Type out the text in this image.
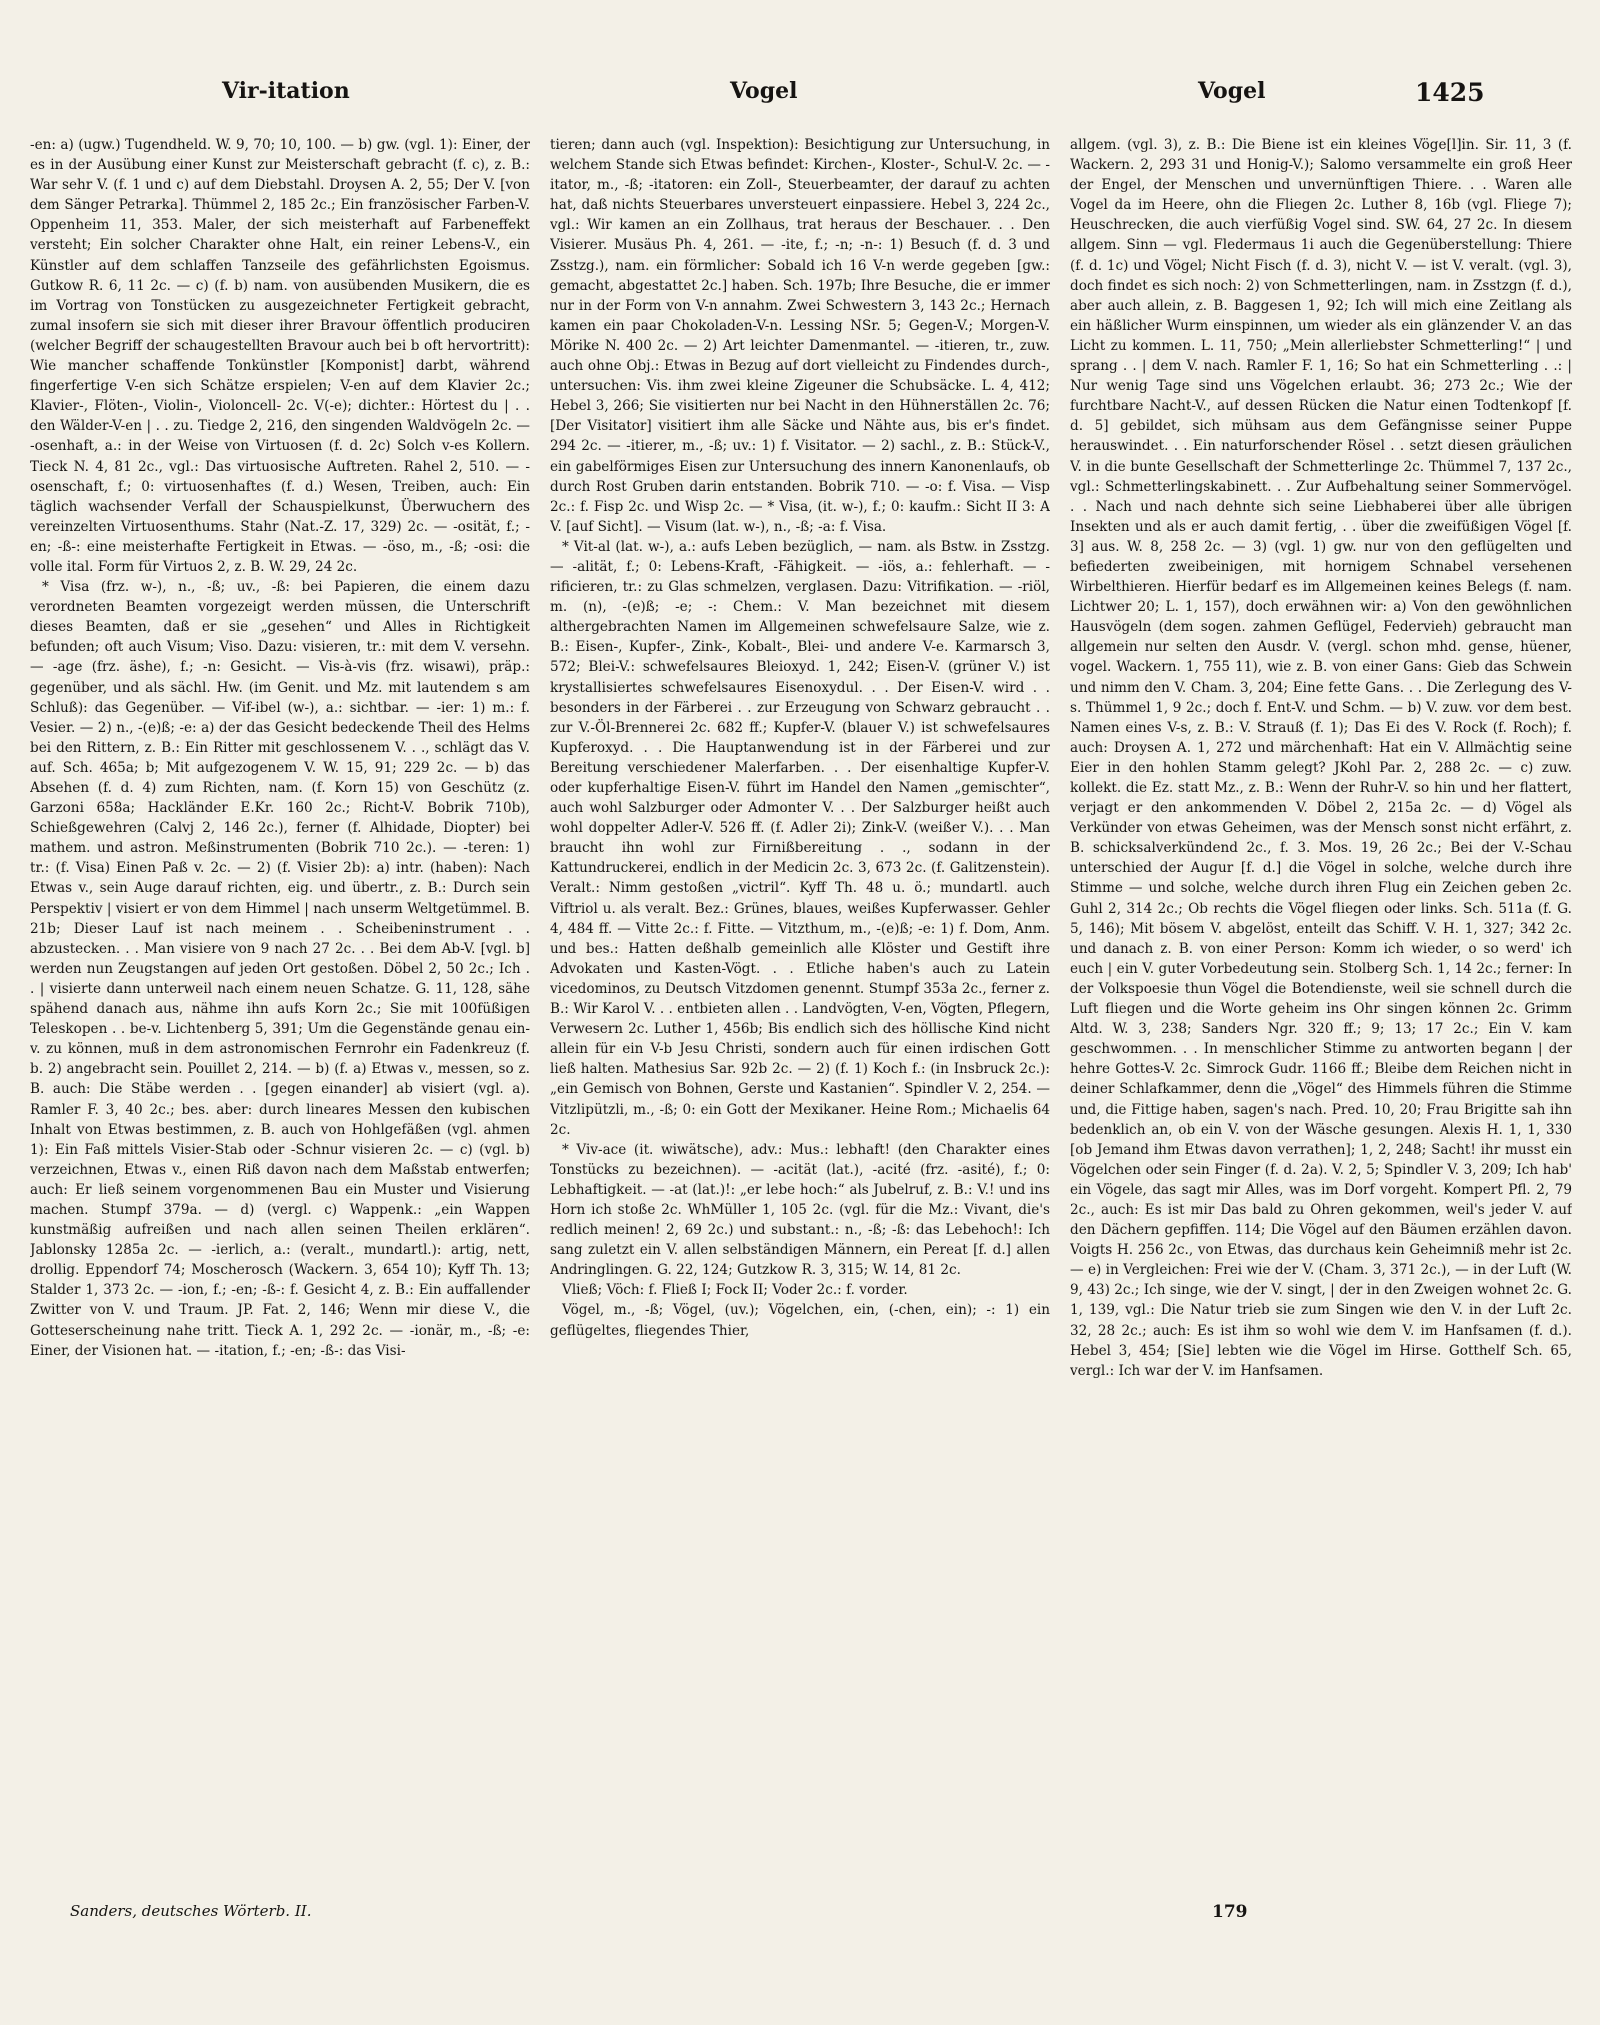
Vir-itation	Vogel	Vogel	1425

-en: a) (ugw.) Tugendheld. W. 9, 70; 10, 100. — b) gw. (vgl. 1): Einer, der es in der Ausübung einer Kunst zur Meisterschaft gebracht (f. c), z. B.: War sehr V. (f. 1 und c) auf dem Diebstahl. Droysen A. 2, 55; Der V. [von dem Sänger Petrarka]. Thümmel 2, 185 2c.; Ein französischer Farben-V. Oppenheim 11, 353. Maler, der sich meisterhaft auf Farbeneffekt versteht; Ein solcher Charakter ohne Halt, ein reiner Lebens-V., ein Künstler auf dem schlaffen Tanzseile des gefährlichsten Egoismus. Gutkow R. 6, 11 2c. — c) (f. b) nam. von ausübenden Musikern, die es im Vortrag von Tonstücken zu ausgezeichneter Fertigkeit gebracht, zumal insofern sie sich mit dieser ihrer Bravour öffentlich produciren (welcher Begriff der schaugestellten Bravour auch bei b oft hervortritt): Wie mancher schaffende Tonkünstler [Komponist] darbt, während fingerfertige V-en sich Schätze erspielen; V-en auf dem Klavier 2c.; Klavier-, Flöten-, Violin-, Violoncell- 2c. V(-e); dichter.: Hörtest du | . . den Wälder-V-en | . . zu. Tiedge 2, 216, den singenden Waldvögeln 2c. — -osenhaft, a.: in der Weise von Virtuosen (f. d. 2c) Solch v-es Kollern. Tieck N. 4, 81 2c., vgl.: Das virtuosische Auftreten. Rahel 2, 510. — -osenschaft, f.; 0: virtuosenhaftes (f. d.) Wesen, Treiben, auch: Ein täglich wachsender Verfall der Schauspielkunst, Überwuchern des vereinzelten Virtuosenthums. Stahr (Nat.-Z. 17, 329) 2c. — -osität, f.; -en; -ß-: eine meisterhafte Fertigkeit in Etwas. — -öso, m., -ß; -osi: die volle ital. Form für Virtuos 2, z. B. W. 29, 24 2c.

* Visa (frz. w-), n., -ß; uv., -ß: bei Papieren, die einem dazu verordneten Beamten vorgezeigt werden müssen, die Unterschrift dieses Beamten, daß er sie „gesehen“ und Alles in Richtigkeit befunden; oft auch Visum; Viso. Dazu: visieren, tr.: mit dem V. versehn. — -age (frz. äshe), f.; -n: Gesicht. — Vis-à-vis (frz. wisawi), präp.: gegenüber, und als sächl. Hw. (im Genit. und Mz. mit lautendem s am Schluß): das Gegenüber. — Vif-ibel (w-), a.: sichtbar. — -ier: 1) m.: f. Vesier. — 2) n., -(e)ß; -e: a) der das Gesicht bedeckende Theil des Helms bei den Rittern, z. B.: Ein Ritter mit geschlossenem V. . ., schlägt das V. auf. Sch. 465a; b; Mit aufgezogenem V. W. 15, 91; 229 2c. — b) das Absehen (f. d. 4) zum Richten, nam. (f. Korn 15) von Geschütz (z. Garzoni 658a; Hackländer E.Kr. 160 2c.; Richt-V. Bobrik 710b), Schießgewehren (Calvj 2, 146 2c.), ferner (f. Alhidade, Diopter) bei mathem. und astron. Meßinstrumenten (Bobrik 710 2c.). — -teren: 1) tr.: (f. Visa) Einen Paß v. 2c. — 2) (f. Visier 2b): a) intr. (haben): Nach Etwas v., sein Auge darauf richten, eig. und übertr., z. B.: Durch sein Perspektiv | visiert er von dem Himmel | nach unserm Weltgetümmel. B. 21b; Dieser Lauf ist nach meinem . . Scheibeninstrument . . abzustecken. . . Man visiere von 9 nach 27 2c. . . Bei dem Ab-V. [vgl. b] werden nun Zeugstangen auf jeden Ort gestoßen. Döbel 2, 50 2c.; Ich . . | visierte dann unterweil nach einem neuen Schatze. G. 11, 128, sähe spähend danach aus, nähme ihn aufs Korn 2c.; Sie mit 100füßigen Teleskopen . . be-v. Lichtenberg 5, 391; Um die Gegenstände genau ein-v. zu können, muß in dem astronomischen Fernrohr ein Fadenkreuz (f. b. 2) angebracht sein. Pouillet 2, 214. — b) (f. a) Etwas v., messen, so z. B. auch: Die Stäbe werden . . [gegen einander] ab visiert (vgl. a). Ramler F. 3, 40 2c.; bes. aber: durch lineares Messen den kubischen Inhalt von Etwas bestimmen, z. B. auch von Hohlgefäßen (vgl. ahmen 1): Ein Faß mittels Visier-Stab oder -Schnur visieren 2c. — c) (vgl. b) verzeichnen, Etwas v., einen Riß davon nach dem Maßstab entwerfen; auch: Er ließ seinem vorgenommenen Bau ein Muster und Visierung machen. Stumpf 379a. — d) (vergl. c) Wappenk.: „ein Wappen kunstmäßig aufreißen und nach allen seinen Theilen erklären“. Jablonsky 1285a 2c. — -ierlich, a.: (veralt., mundartl.): artig, nett, drollig. Eppendorf 74; Moscherosch (Wackern. 3, 654 10); Kyff Th. 13; Stalder 1, 373 2c. — -ion, f.; -en; -ß-: f. Gesicht 4, z. B.: Ein auffallender Zwitter von V. und Traum. JP. Fat. 2, 146; Wenn mir diese V., die Gotteserscheinung nahe tritt. Tieck A. 1, 292 2c. — -ionär, m., -ß; -e: Einer, der Visionen hat. — -itation, f.; -en; -ß-: das Visi-

tieren; dann auch (vgl. Inspektion): Besichtigung zur Untersuchung, in welchem Stande sich Etwas befindet: Kirchen-, Kloster-, Schul-V. 2c. — -itator, m., -ß; -itatoren: ein Zoll-, Steuerbeamter, der darauf zu achten hat, daß nichts Steuerbares unversteuert einpassiere. Hebel 3, 224 2c., vgl.: Wir kamen an ein Zollhaus, trat heraus der Beschauer. . . Den Visierer. Musäus Ph. 4, 261. — -ite, f.; -n; -n-: 1) Besuch (f. d. 3 und Zsstzg.), nam. ein förmlicher: Sobald ich 16 V-n werde gegeben [gw.: gemacht, abgestattet 2c.] haben. Sch. 197b; Ihre Besuche, die er immer nur in der Form von V-n annahm. Zwei Schwestern 3, 143 2c.; Hernach kamen ein paar Chokoladen-V-n. Lessing NSr. 5; Gegen-V.; Morgen-V. Mörike N. 400 2c. — 2) Art leichter Damenmantel. — -itieren, tr., zuw. auch ohne Obj.: Etwas in Bezug auf dort vielleicht zu Findendes durch-, untersuchen: Vis. ihm zwei kleine Zigeuner die Schubsäcke. L. 4, 412; Hebel 3, 266; Sie visitierten nur bei Nacht in den Hühnerställen 2c. 76; [Der Visitator] visitiert ihm alle Säcke und Nähte aus, bis er's findet. 294 2c. — -itierer, m., -ß; uv.: 1) f. Visitator. — 2) sachl., z. B.: Stück-V., ein gabelförmiges Eisen zur Untersuchung des innern Kanonenlaufs, ob durch Rost Gruben darin entstanden. Bobrik 710. — -o: f. Visa. — Visp 2c.: f. Fisp 2c. und Wisp 2c. — * Visa, (it. w-), f.; 0: kaufm.: Sicht II 3: A V. [auf Sicht]. — Visum (lat. w-), n., -ß; -a: f. Visa.

* Vit-al (lat. w-), a.: aufs Leben bezüglich, — nam. als Bstw. in Zsstzg. — -alität, f.; 0: Lebens-Kraft, -Fähigkeit. — -iös, a.: fehlerhaft. — -rificieren, tr.: zu Glas schmelzen, verglasen. Dazu: Vitrifikation. — -riöl, m. (n), -(e)ß; -e; -: Chem.: V. Man bezeichnet mit diesem althergebrachten Namen im Allgemeinen schwefelsaure Salze, wie z. B.: Eisen-, Kupfer-, Zink-, Kobalt-, Blei- und andere V-e. Karmarsch 3, 572; Blei-V.: schwefelsaures Bleioxyd. 1, 242; Eisen-V. (grüner V.) ist krystallisiertes schwefelsaures Eisenoxydul. . . Der Eisen-V. wird . . besonders in der Färberei . . zur Erzeugung von Schwarz gebraucht . . zur V.-Öl-Brennerei 2c. 682 ff.; Kupfer-V. (blauer V.) ist schwefelsaures Kupferoxyd. . . Die Hauptanwendung ist in der Färberei und zur Bereitung verschiedener Malerfarben. . . Der eisenhaltige Kupfer-V. oder kupferhaltige Eisen-V. führt im Handel den Namen „gemischter“, auch wohl Salzburger oder Admonter V. . . Der Salzburger heißt auch wohl doppelter Adler-V. 526 ff. (f. Adler 2i); Zink-V. (weißer V.). . . Man braucht ihn wohl zur Firnißbereitung . ., sodann in der Kattundruckerei, endlich in der Medicin 2c. 3, 673 2c. (f. Galitzenstein). Veralt.: Nimm gestoßen „victril“. Kyff Th. 48 u. ö.; mundartl. auch Viftriol u. als veralt. Bez.: Grünes, blaues, weißes Kupferwasser. Gehler 4, 484 ff. — Vitte 2c.: f. Fitte. — Vitzthum, m., -(e)ß; -e: 1) f. Dom, Anm. und bes.: Hatten deßhalb gemeinlich alle Klöster und Gestift ihre Advokaten und Kasten-Vögt. . . Etliche haben's auch zu Latein vicedominos, zu Deutsch Vitzdomen genennt. Stumpf 353a 2c., ferner z. B.: Wir Karol V. . . entbieten allen . . Landvögten, V-en, Vögten, Pflegern, Verwesern 2c. Luther 1, 456b; Bis endlich sich des höllische Kind nicht allein für ein V-b Jesu Christi, sondern auch für einen irdischen Gott ließ halten. Mathesius Sar. 92b 2c. — 2) (f. 1) Koch f.: (in Insbruck 2c.): „ein Gemisch von Bohnen, Gerste und Kastanien“. Spindler V. 2, 254. — Vitzlipützli, m., -ß; 0: ein Gott der Mexikaner. Heine Rom.; Michaelis 64 2c.

* Viv-ace (it. wiwätsche), adv.: Mus.: lebhaft! (den Charakter eines Tonstücks zu bezeichnen). — -acität (lat.), -acité (frz. -asité), f.; 0: Lebhaftigkeit. — -at (lat.)!: „er lebe hoch:“ als Jubelruf, z. B.: V.! und ins Horn ich stoße 2c. WhMüller 1, 105 2c. (vgl. für die Mz.: Vivant, die's redlich meinen! 2, 69 2c.) und substant.: n., -ß; -ß: das Lebehoch!: Ich sang zuletzt ein V. allen selbständigen Männern, ein Pereat [f. d.] allen Andringlingen. G. 22, 124; Gutzkow R. 3, 315; W. 14, 81 2c.

Vließ; Vöch: f. Fließ I; Fock II; Voder 2c.: f. vorder.

Vögel, m., -ß; Vögel, (uv.); Vögelchen, ein, (-chen, ein); -: 1) ein geflügeltes, fliegendes Thier,

allgem. (vgl. 3), z. B.: Die Biene ist ein kleines Vöge[l]in. Sir. 11, 3 (f. Wackern. 2, 293 31 und Honig-V.); Salomo versammelte ein groß Heer der Engel, der Menschen und unvernünftigen Thiere. . . Waren alle Vogel da im Heere, ohn die Fliegen 2c. Luther 8, 16b (vgl. Fliege 7); Heuschrecken, die auch vierfüßig Vogel sind. SW. 64, 27 2c. In diesem allgem. Sinn — vgl. Fledermaus 1i auch die Gegenüberstellung: Thiere (f. d. 1c) und Vögel; Nicht Fisch (f. d. 3), nicht V. — ist V. veralt. (vgl. 3), doch findet es sich noch: 2) von Schmetterlingen, nam. in Zsstzgn (f. d.), aber auch allein, z. B. Baggesen 1, 92; Ich will mich eine Zeitlang als ein häßlicher Wurm einspinnen, um wieder als ein glänzender V. an das Licht zu kommen. L. 11, 750; „Mein allerliebster Schmetterling!“ | und sprang . . | dem V. nach. Ramler F. 1, 16; So hat ein Schmetterling . .: | Nur wenig Tage sind uns Vögelchen erlaubt. 36; 273 2c.; Wie der furchtbare Nacht-V., auf dessen Rücken die Natur einen Todtenkopf [f. d. 5] gebildet, sich mühsam aus dem Gefängnisse seiner Puppe herauswindet. . . Ein naturforschender Rösel . . setzt diesen gräulichen V. in die bunte Gesellschaft der Schmetterlinge 2c. Thümmel 7, 137 2c., vgl.: Schmetterlingskabinett. . . Zur Aufbehaltung seiner Sommervögel. . . Nach und nach dehnte sich seine Liebhaberei über alle übrigen Insekten und als er auch damit fertig, . . über die zweifüßigen Vögel [f. 3] aus. W. 8, 258 2c. — 3) (vgl. 1) gw. nur von den geflügelten und befiederten zweibeinigen, mit hornigem Schnabel versehenen Wirbelthieren. Hierfür bedarf es im Allgemeinen keines Belegs (f. nam. Lichtwer 20; L. 1, 157), doch erwähnen wir: a) Von den gewöhnlichen Hausvögeln (dem sogen. zahmen Geflügel, Federvieh) gebraucht man allgemein nur selten den Ausdr. V. (vergl. schon mhd. gense, hüener, vogel. Wackern. 1, 755 11), wie z. B. von einer Gans: Gieb das Schwein und nimm den V. Cham. 3, 204; Eine fette Gans. . . Die Zerlegung des V-s. Thümmel 1, 9 2c.; doch f. Ent-V. und Schm. — b) V. zuw. vor dem best. Namen eines V-s, z. B.: V. Strauß (f. 1); Das Ei des V. Rock (f. Roch); f. auch: Droysen A. 1, 272 und märchenhaft: Hat ein V. Allmächtig seine Eier in den hohlen Stamm gelegt? JKohl Par. 2, 288 2c. — c) zuw. kollekt. die Ez. statt Mz., z. B.: Wenn der Ruhr-V. so hin und her flattert, verjagt er den ankommenden V. Döbel 2, 215a 2c. — d) Vögel als Verkünder von etwas Geheimen, was der Mensch sonst nicht erfährt, z. B. schicksalverkündend 2c., f. 3. Mos. 19, 26 2c.; Bei der V.-Schau unterschied der Augur [f. d.] die Vögel in solche, welche durch ihre Stimme — und solche, welche durch ihren Flug ein Zeichen geben 2c. Guhl 2, 314 2c.; Ob rechts die Vögel fliegen oder links. Sch. 511a (f. G. 5, 146); Mit bösem V. abgelöst, enteilt das Schiff. V. H. 1, 327; 342 2c. und danach z. B. von einer Person: Komm ich wieder, o so werd' ich euch | ein V. guter Vorbedeutung sein. Stolberg Sch. 1, 14 2c.; ferner: In der Volkspoesie thun Vögel die Botendienste, weil sie schnell durch die Luft fliegen und die Worte geheim ins Ohr singen können 2c. Grimm Altd. W. 3, 238; Sanders Ngr. 320 ff.; 9; 13; 17 2c.; Ein V. kam geschwommen. . . In menschlicher Stimme zu antworten begann | der hehre Gottes-V. 2c. Simrock Gudr. 1166 ff.; Bleibe dem Reichen nicht in deiner Schlafkammer, denn die „Vögel“ des Himmels führen die Stimme und, die Fittige haben, sagen's nach. Pred. 10, 20; Frau Brigitte sah ihn bedenklich an, ob ein V. von der Wäsche gesungen. Alexis H. 1, 1, 330 [ob Jemand ihm Etwas davon verrathen]; 1, 2, 248; Sacht! ihr musst ein Vögelchen oder sein Finger (f. d. 2a). V. 2, 5; Spindler V. 3, 209; Ich hab' ein Vögele, das sagt mir Alles, was im Dorf vorgeht. Kompert Pfl. 2, 79 2c., auch: Es ist mir Das bald zu Ohren gekommen, weil's jeder V. auf den Dächern gepfiffen. 114; Die Vögel auf den Bäumen erzählen davon. Voigts H. 256 2c., von Etwas, das durchaus kein Geheimniß mehr ist 2c. — e) in Vergleichen: Frei wie der V. (Cham. 3, 371 2c.), — in der Luft (W. 9, 43) 2c.; Ich singe, wie der V. singt, | der in den Zweigen wohnet 2c. G. 1, 139, vgl.: Die Natur trieb sie zum Singen wie den V. in der Luft 2c. 32, 28 2c.; auch: Es ist ihm so wohl wie dem V. im Hanfsamen (f. d.). Hebel 3, 454; [Sie] lebten wie die Vögel im Hirse. Gotthelf Sch. 65, vergl.: Ich war der V. im Hanfsamen.

Sanders, deutsches Wörterb. II.	179
